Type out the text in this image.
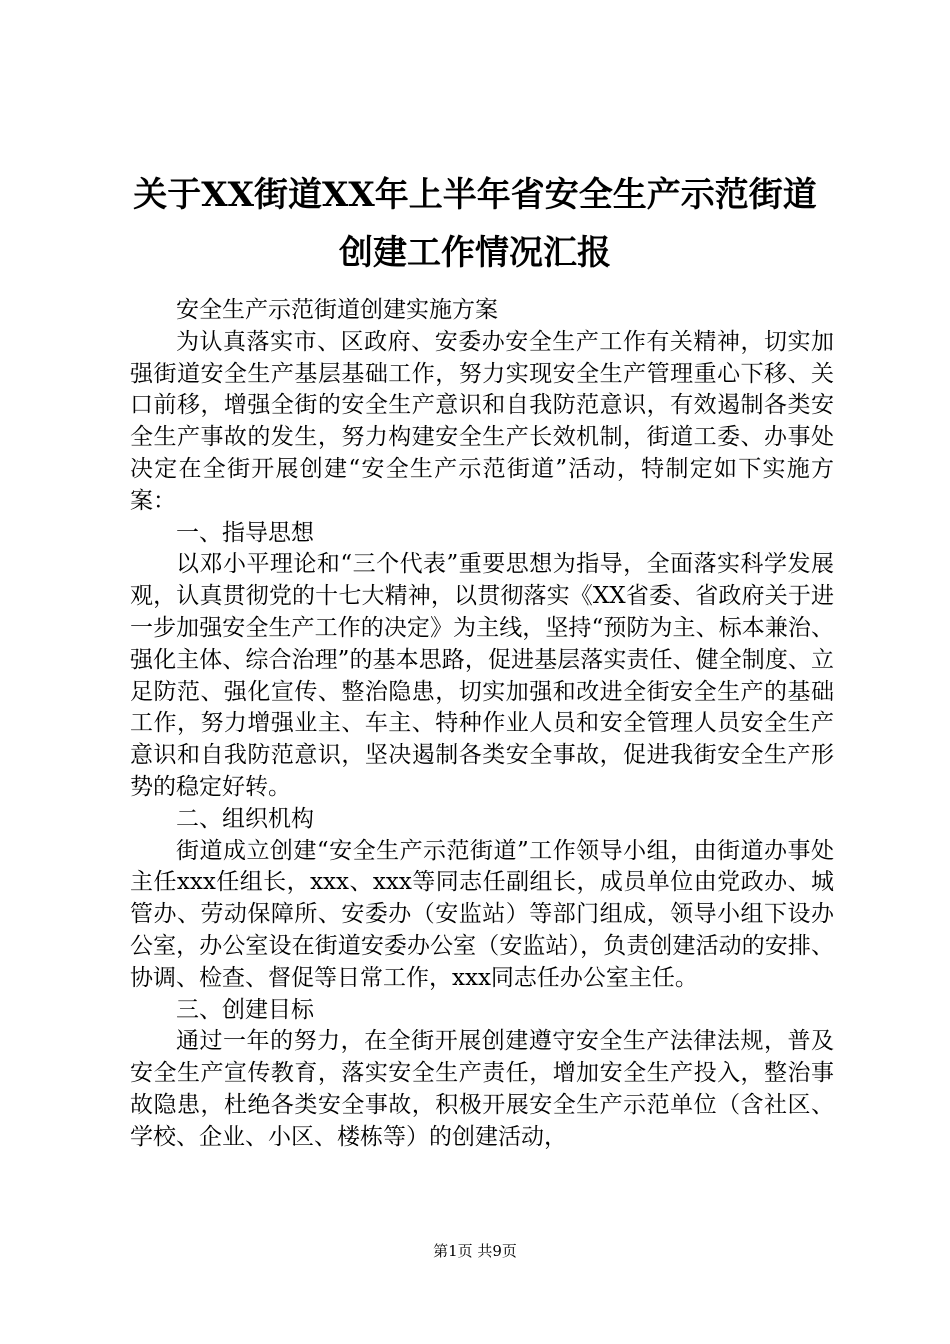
关于XX街道XX年上半年省安全生产示范街道
创建工作情况汇报

安全生产示范街道创建实施方案

为认真落实市、区政府、安委办安全生产工作有关精神，切实加强街道安全生产基层基础工作，努力实现安全生产管理重心下移、关口前移，增强全街的安全生产意识和自我防范意识，有效遏制各类安全生产事故的发生，努力构建安全生产长效机制，街道工委、办事处决定在全街开展创建“安全生产示范街道”活动，特制定如下实施方案：

一、指导思想

以邓小平理论和“三个代表”重要思想为指导，全面落实科学发展观，认真贯彻党的十七大精神，以贯彻落实《XX省委、省政府关于进一步加强安全生产工作的决定》为主线，坚持“预防为主、标本兼治、强化主体、综合治理”的基本思路，促进基层落实责任、健全制度、立足防范、强化宣传、整治隐患，切实加强和改进全街安全生产的基础工作，努力增强业主、车主、特种作业人员和安全管理人员安全生产意识和自我防范意识，坚决遏制各类安全事故，促进我街安全生产形势的稳定好转。

二、组织机构

街道成立创建“安全生产示范街道”工作领导小组，由街道办事处主任xxx任组长，xxx、xxx等同志任副组长，成员单位由党政办、城管办、劳动保障所、安委办（安监站）等部门组成，领导小组下设办公室，办公室设在街道安委办公室（安监站），负责创建活动的安排、协调、检查、督促等日常工作，xxx同志任办公室主任。

三、创建目标

通过一年的努力，在全街开展创建遵守安全生产法律法规，普及安全生产宣传教育，落实安全生产责任，增加安全生产投入，整治事故隐患，杜绝各类安全事故，积极开展安全生产示范单位（含社区、学校、企业、小区、楼栋等）的创建活动，

第1页 共9页
